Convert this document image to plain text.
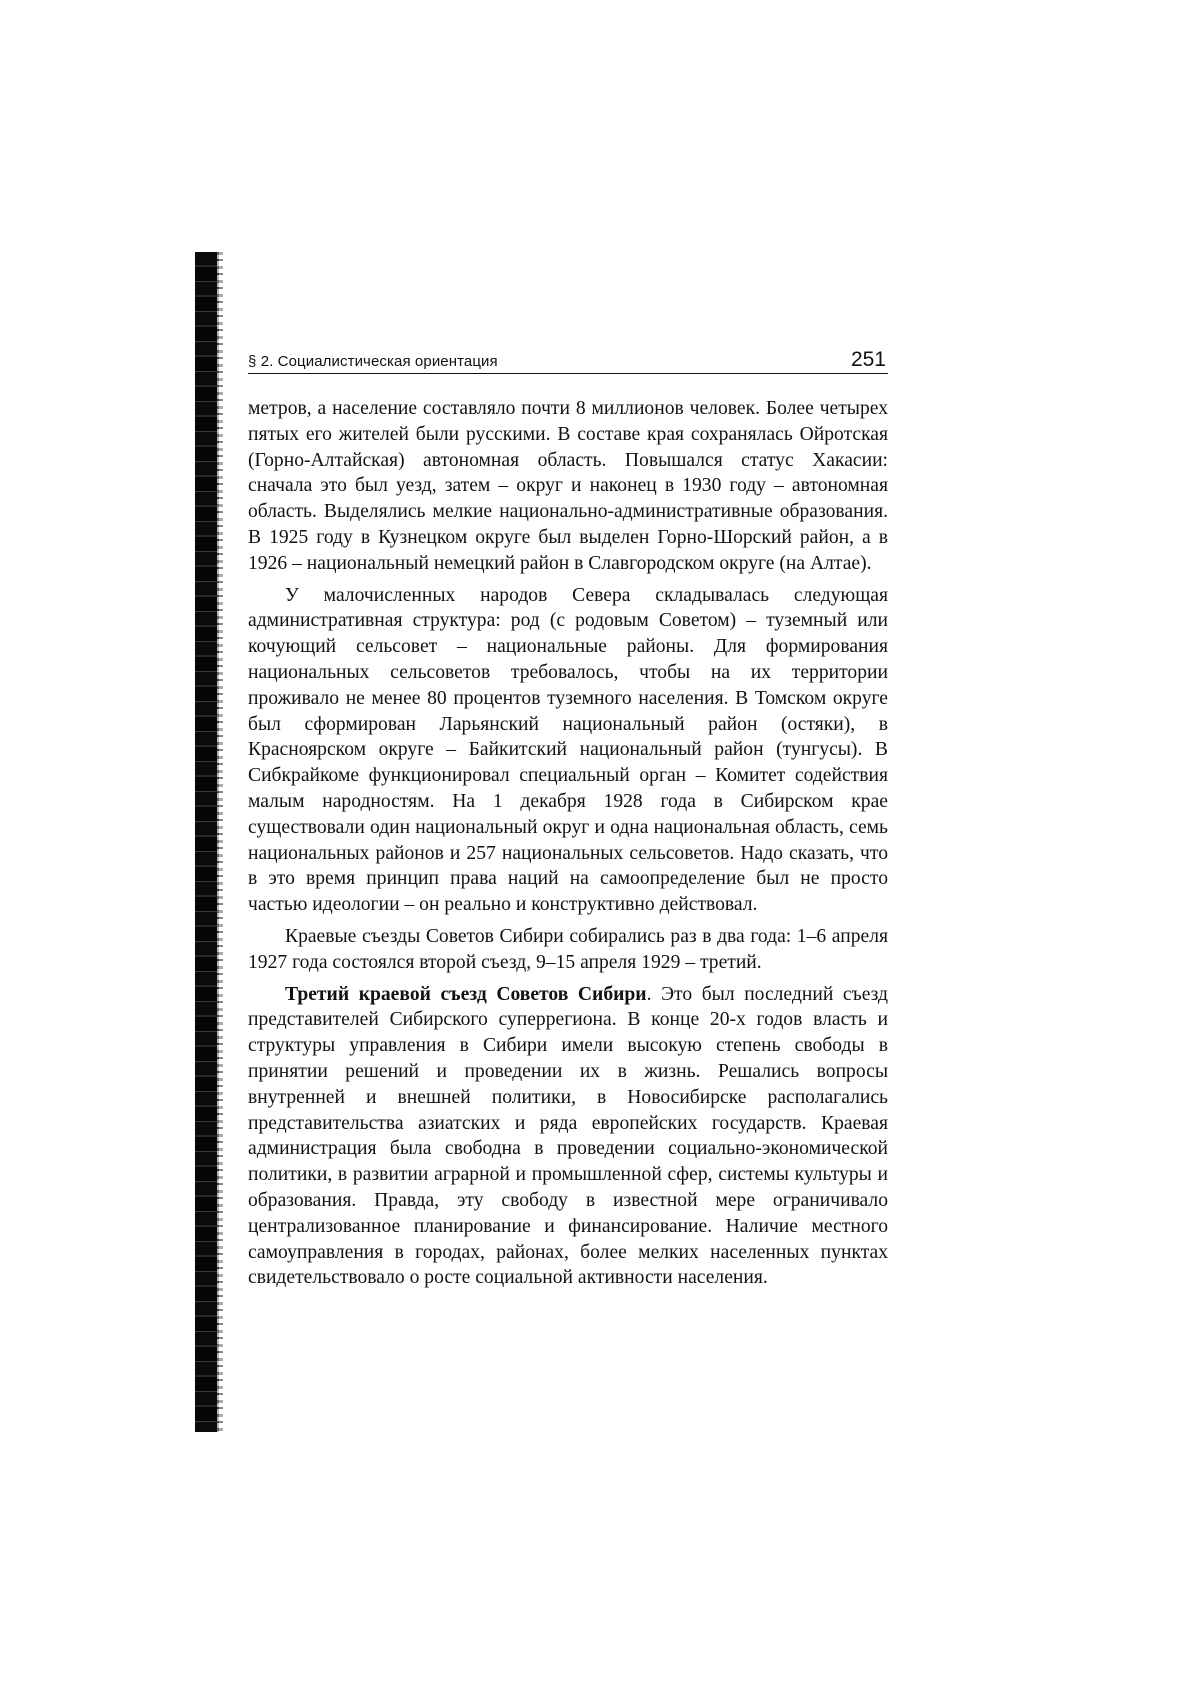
§ 2. Социалистическая ориентация	251

метров, а население составляло почти 8 миллионов человек. Более четырех пятых его жителей были русскими. В составе края сохранялась Ойротская (Горно-Алтайская) автономная область. Повышался статус Хакасии: сначала это был уезд, затем – округ и наконец в 1930 году – автономная область. Выделялись мелкие национально-административные образования. В 1925 году в Кузнецком округе был выделен Горно-Шорский район, а в 1926 – национальный немецкий район в Славгородском округе (на Алтае).

У малочисленных народов Севера складывалась следующая административная структура: род (с родовым Советом) – туземный или кочующий сельсовет – национальные районы. Для формирования национальных сельсоветов требовалось, чтобы на их территории проживало не менее 80 процентов туземного населения. В Томском округе был сформирован Ларьянский национальный район (остяки), в Красноярском округе – Байкитский национальный район (тунгусы). В Сибкрайкоме функционировал специальный орган – Комитет содействия малым народностям. На 1 декабря 1928 года в Сибирском крае существовали один национальный округ и одна национальная область, семь национальных районов и 257 национальных сельсоветов. Надо сказать, что в это время принцип права наций на самоопределение был не просто частью идеологии – он реально и конструктивно действовал.

Краевые съезды Советов Сибири собирались раз в два года: 1–6 апреля 1927 года состоялся второй съезд, 9–15 апреля 1929 – третий.

Третий краевой съезд Советов Сибири. Это был последний съезд представителей Сибирского суперрегиона. В конце 20-х годов власть и структуры управления в Сибири имели высокую степень свободы в принятии решений и проведении их в жизнь. Решались вопросы внутренней и внешней политики, в Новосибирске располагались представительства азиатских и ряда европейских государств. Краевая администрация была свободна в проведении социально-экономической политики, в развитии аграрной и промышленной сфер, системы культуры и образования. Правда, эту свободу в известной мере ограничивало централизованное планирование и финансирование. Наличие местного самоуправления в городах, районах, более мелких населенных пунктах свидетельствовало о росте социальной активности населения.
